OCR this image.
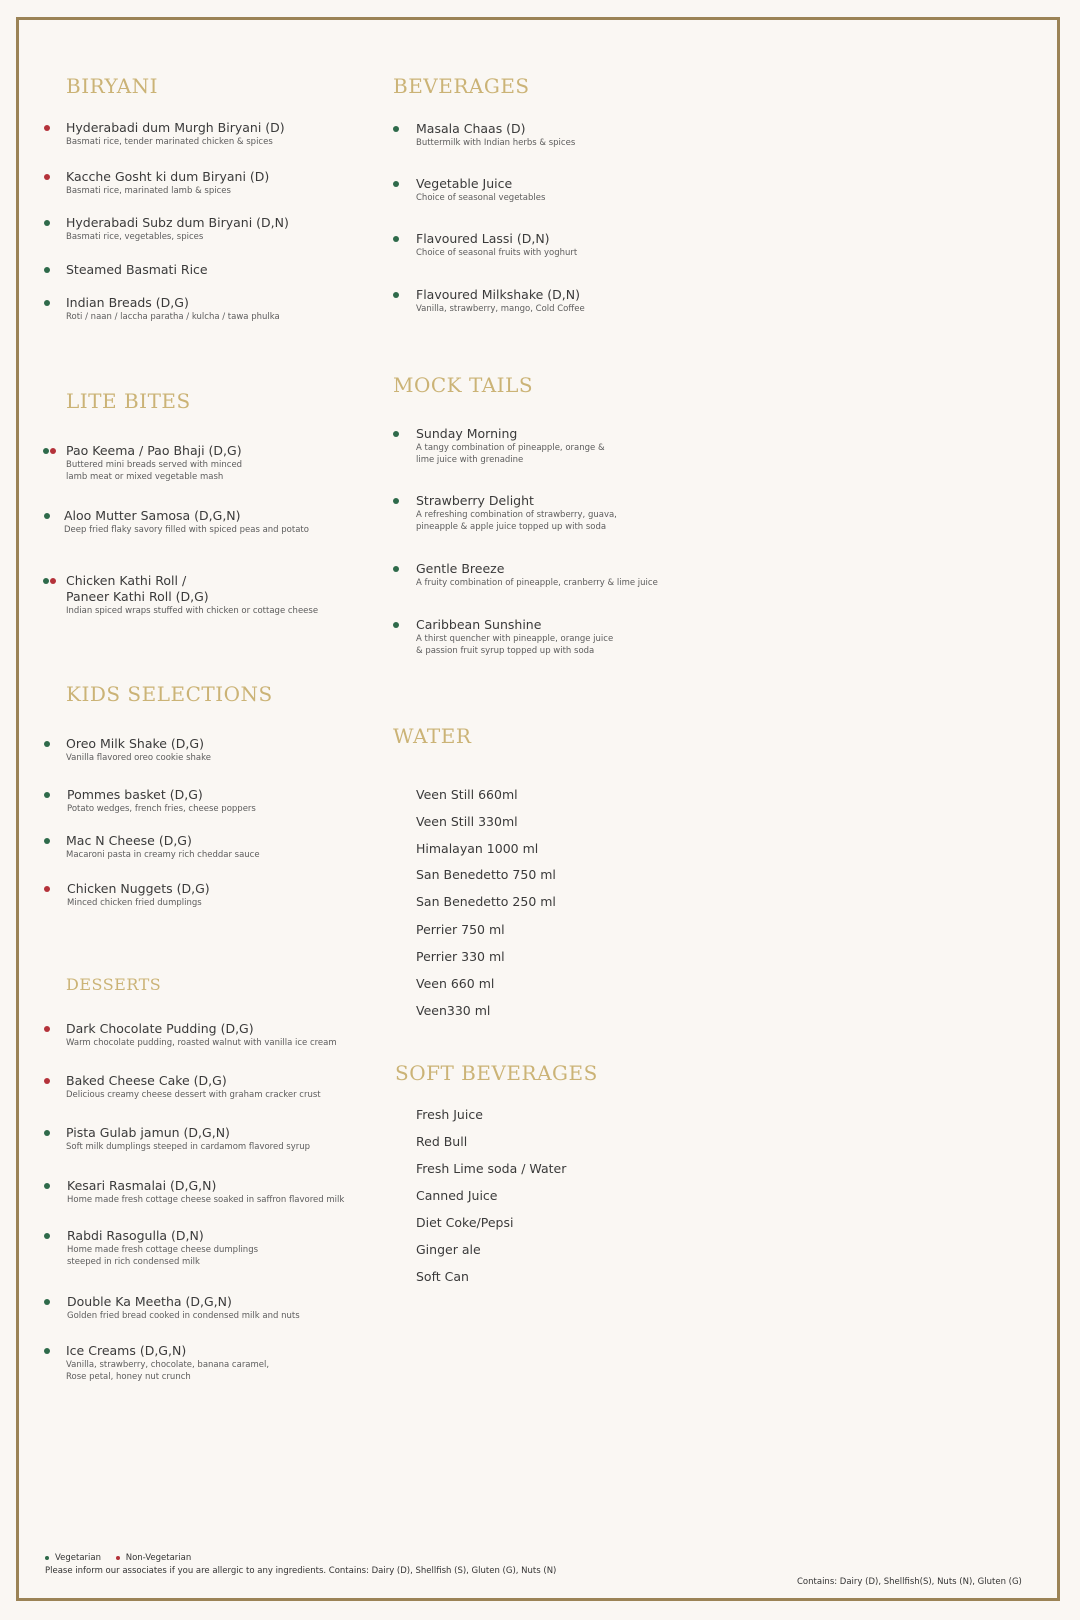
BIRYANI
Hyderabadi dum Murgh Biryani (D)
Basmati rice, tender marinated chicken & spices
Kacche Gosht ki dum Biryani (D)
Basmati rice, marinated lamb & spices
Hyderabadi Subz dum Biryani (D,N)
Basmati rice, vegetables, spices
Steamed Basmati Rice
Indian Breads (D,G)
Roti / naan / laccha paratha / kulcha / tawa phulka
LITE BITES
Pao Keema / Pao Bhaji (D,G)
Buttered mini breads served with minced
lamb meat or mixed vegetable mash
Aloo Mutter Samosa (D,G,N)
Deep fried flaky savory filled with spiced peas and potato
Chicken Kathi Roll /
Paneer Kathi Roll (D,G)
Indian spiced wraps stuffed with chicken or cottage cheese
KIDS SELECTIONS
Oreo Milk Shake (D,G)
Vanilla flavored oreo cookie shake
Pommes basket (D,G)
Potato wedges, french fries, cheese poppers
Mac N Cheese (D,G)
Macaroni pasta in creamy rich cheddar sauce
Chicken Nuggets (D,G)
Minced chicken fried dumplings
DESSERTS
Dark Chocolate Pudding (D,G)
Warm chocolate pudding, roasted walnut with vanilla ice cream
Baked Cheese Cake (D,G)
Delicious creamy cheese dessert with graham cracker crust
Pista Gulab jamun (D,G,N)
Soft milk dumplings steeped in cardamom flavored syrup
Kesari Rasmalai (D,G,N)
Home made fresh cottage cheese soaked in saffron flavored milk
Rabdi Rasogulla (D,N)
Home made fresh cottage cheese dumplings
steeped in rich condensed milk
Double Ka Meetha (D,G,N)
Golden fried bread cooked in condensed milk and nuts
Ice Creams (D,G,N)
Vanilla, strawberry, chocolate, banana caramel,
Rose petal, honey nut crunch
BEVERAGES
Masala Chaas (D)
Buttermilk with Indian herbs & spices
Vegetable Juice
Choice of seasonal vegetables
Flavoured Lassi (D,N)
Choice of seasonal fruits with yoghurt
Flavoured Milkshake (D,N)
Vanilla, strawberry, mango, Cold Coffee
MOCK TAILS
Sunday Morning
A tangy combination of pineapple, orange &
lime juice with grenadine
Strawberry Delight
A refreshing combination of strawberry, guava,
pineapple & apple juice topped up with soda
Gentle Breeze
A fruity combination of pineapple, cranberry & lime juice
Caribbean Sunshine
A thirst quencher with pineapple, orange juice
& passion fruit syrup topped up with soda
WATER
Veen Still 660ml
Veen Still 330ml
Himalayan 1000 ml
San Benedetto 750 ml
San Benedetto 250 ml
Perrier 750 ml
Perrier 330 ml
Veen 660 ml
Veen330 ml
SOFT BEVERAGES
Fresh Juice
Red Bull
Fresh Lime soda / Water
Canned Juice
Diet Coke/Pepsi
Ginger ale
Soft Can
Vegetarian	Non-Vegetarian
Please inform our associates if you are allergic to any ingredients. Contains: Dairy (D), Shellfish (S), Gluten (G), Nuts (N)
Contains: Dairy (D), Shellfish(S), Nuts (N), Gluten (G)
